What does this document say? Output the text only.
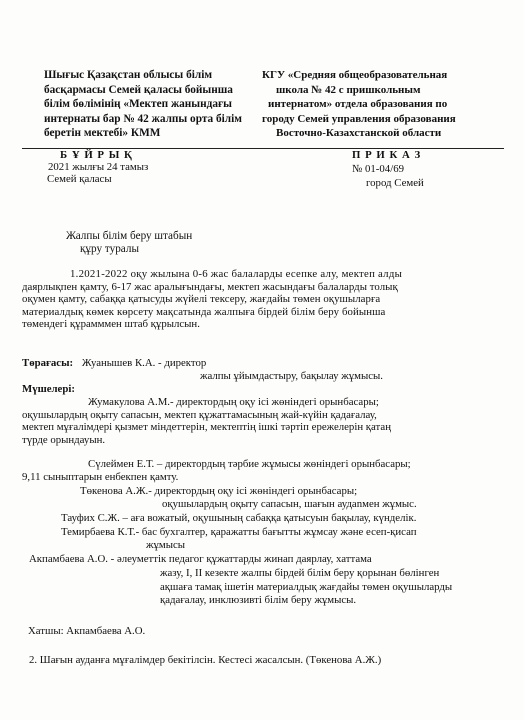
Шығыс Қазақстан облысы білім
басқармасы Семей қаласы бойынша
білім бөлімінің «Мектеп жанындағы
интернаты бар № 42 жалпы орта білім
беретін мектебі» КММ
КГУ «Средняя общеобразовательная
школа № 42 с пришкольным
интернатом» отдела образования по
городу Семей управления образования
Восточно-Казахстанской области
Б Ұ Й Р Ы Қ
2021 жылғы 24 тамыз
Семей қаласы
П Р И К А З
№ 01-04/69
город Семей
Жалпы білім беру штабын
құру туралы
1.2021-2022 оқу жылына 0-6 жас балаларды есепке алу, мектеп алды
даярлықпен қамту, 6-17 жас аралығындағы, мектеп жасындағы балаларды толық
оқумен қамту, сабаққа қатысуды жүйелі тексеру, жағдайы төмен оқушыларға
материалдық көмек көрсету мақсатында жалпыға бірдей білім беру бойынша
төмендегі құрамммен штаб құрылсын.
Төрағасы: Жуанышев К.А. - директор
жалпы ұйымдастыру, бақылау жұмысы.
Мүшелері:
Жумакулова А.М.- директордың оқу ісі жөніндегі орынбасары;
оқушылардың оқыту сапасын, мектеп құжаттамасының жай-күйін қадағалау,
мектеп мұғалімдері қызмет міндеттерін, мектептің ішкі тәртіп ережелерін қатаң
түрде орындауын.
Сүлеймен Е.Т. – директордың тәрбие жұмысы жөніндегі орынбасары;
9,11 сыныптарын енбекпен қамту.
Төкенова А.Ж.- директордың оқу ісі жөніндегі орынбасары;
оқушылардың оқыту сапасын, шағын аудanмен жұмыс.
Тауфих С.Ж. – аға вожатый, оқушының сабаққа қатысуын бақылау, күнделік.
Темирбаева К.Т.- бас бухгалтер, қаражатты бағытты жұмсау және есеп-қисап
жұмысы
Акпамбаева А.О. - әлеуметтік педагог құжаттарды жинап даярлау, хаттама
жазу, I, II кезекте жалпы бірдей білім беру қорынан бөлінген
ақшаға тамақ ішетін материалдық жағдайы төмен оқушыларды
қадағалау, инклюзивті білім беру жұмысы.
Хатшы: Акпамбаева А.О.
2. Шағын ауданға мұғалімдер бекітілсін. Кестесі жасалсын. (Төкенова А.Ж.)
